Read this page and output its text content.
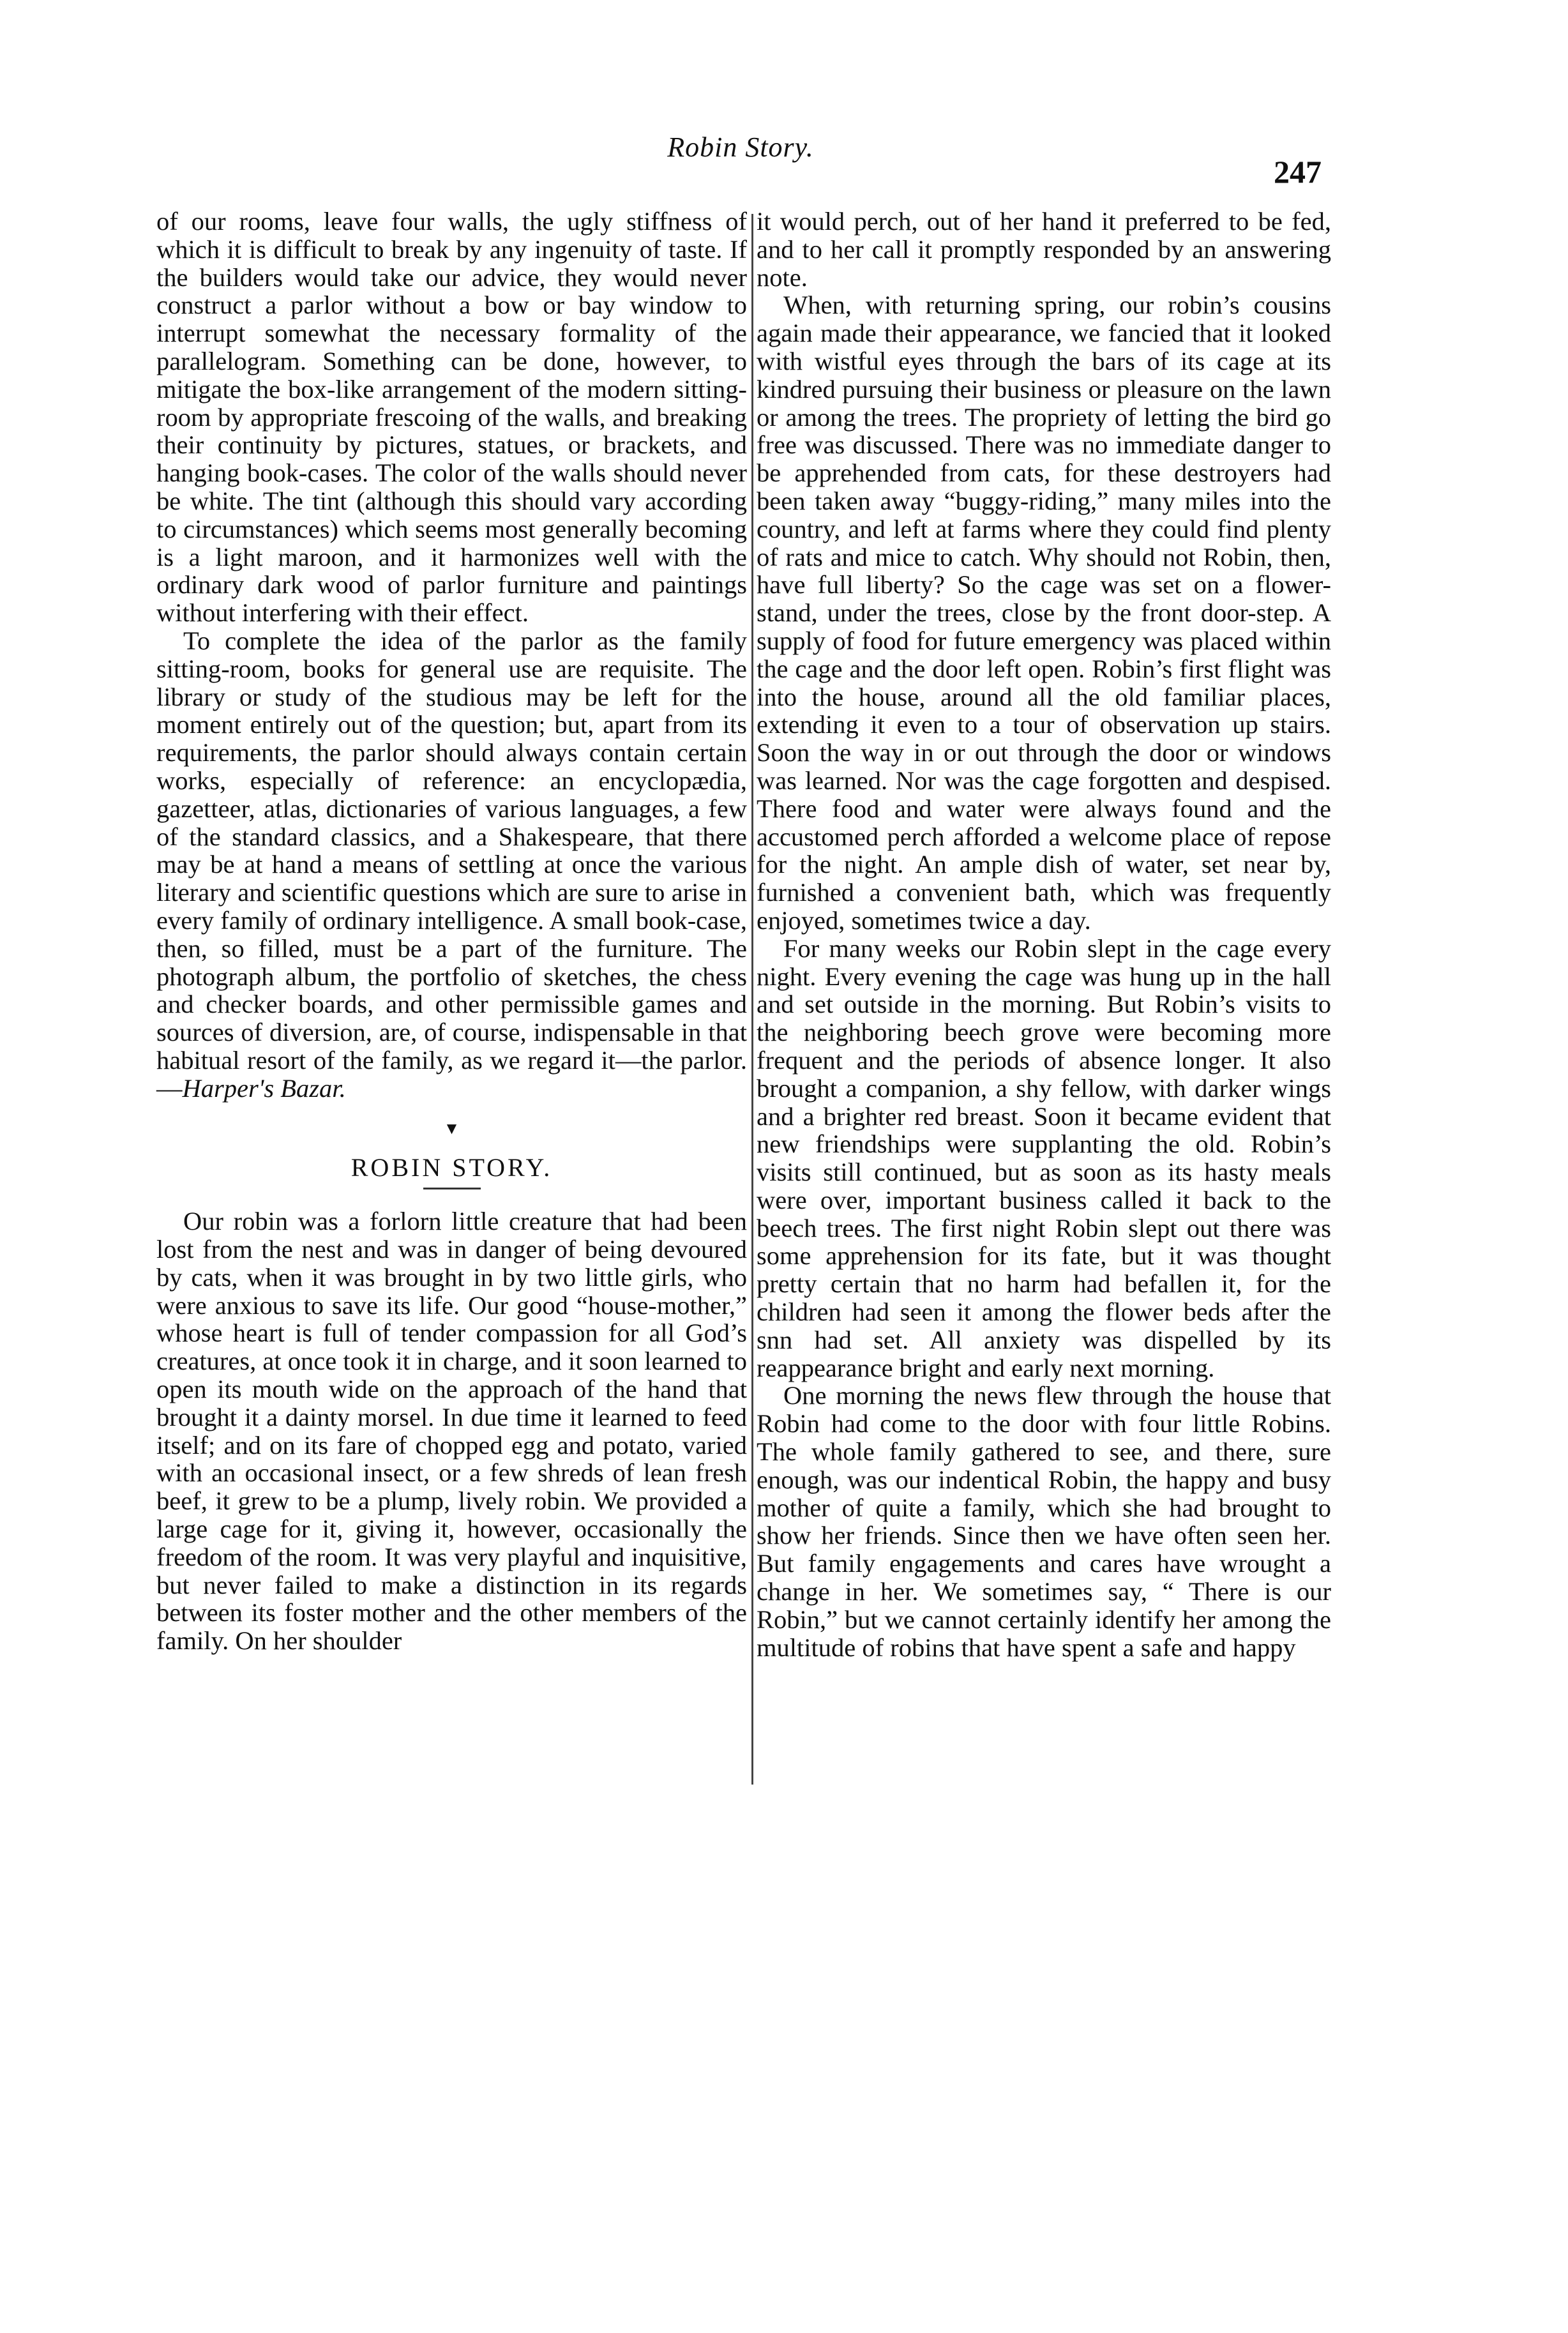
Robin Story.
247

of our rooms, leave four walls, the ugly stiffness of which it is difficult to break by any ingenuity of taste. If the builders would take our advice, they would never construct a parlor without a bow or bay window to interrupt somewhat the necessary formality of the parallelogram. Something can be done, however, to mitigate the box-like arrangement of the modern sitting-room by appropriate frescoing of the walls, and breaking their continuity by pictures, statues, or brackets, and hanging book-cases. The color of the walls should never be white. The tint (although this should vary according to circumstances) which seems most generally becoming is a light maroon, and it harmonizes well with the ordinary dark wood of parlor furniture and paintings without interfering with their effect.

To complete the idea of the parlor as the family sitting-room, books for general use are requisite. The library or study of the studious may be left for the moment entirely out of the question; but, apart from its requirements, the parlor should always contain certain works, especially of reference: an encyclopædia, gazetteer, atlas, dictionaries of various languages, a few of the standard classics, and a Shakespeare, that there may be at hand a means of settling at once the various literary and scientific questions which are sure to arise in every family of ordinary intelligence. A small book-case, then, so filled, must be a part of the furniture. The photograph album, the portfolio of sketches, the chess and checker boards, and other permissible games and sources of diversion, are, of course, indispensable in that habitual resort of the family, as we regard it—the parlor.—Harper's Bazar.

▼
ROBIN STORY.

Our robin was a forlorn little creature that had been lost from the nest and was in danger of being devoured by cats, when it was brought in by two little girls, who were anxious to save its life. Our good “house-mother,” whose heart is full of tender compassion for all God’s creatures, at once took it in charge, and it soon learned to open its mouth wide on the approach of the hand that brought it a dainty morsel. In due time it learned to feed itself; and on its fare of chopped egg and potato, varied with an occasional insect, or a few shreds of lean fresh beef, it grew to be a plump, lively robin. We provided a large cage for it, giving it, however, occasionally the freedom of the room. It was very playful and inquisitive, but never failed to make a distinction in its regards between its foster mother and the other members of the family. On her shoulder

it would perch, out of her hand it preferred to be fed, and to her call it promptly responded by an answering note.

When, with returning spring, our robin’s cousins again made their appearance, we fancied that it looked with wistful eyes through the bars of its cage at its kindred pursuing their business or pleasure on the lawn or among the trees. The propriety of letting the bird go free was discussed. There was no immediate danger to be apprehended from cats, for these destroyers had been taken away “buggy-riding,” many miles into the country, and left at farms where they could find plenty of rats and mice to catch. Why should not Robin, then, have full liberty? So the cage was set on a flower-stand, under the trees, close by the front door-step. A supply of food for future emergency was placed within the cage and the door left open. Robin’s first flight was into the house, around all the old familiar places, extending it even to a tour of observation up stairs. Soon the way in or out through the door or windows was learned. Nor was the cage forgotten and despised. There food and water were always found and the accustomed perch afforded a welcome place of repose for the night. An ample dish of water, set near by, furnished a convenient bath, which was frequently enjoyed, sometimes twice a day.

For many weeks our Robin slept in the cage every night. Every evening the cage was hung up in the hall and set outside in the morning. But Robin’s visits to the neighboring beech grove were becoming more frequent and the periods of absence longer. It also brought a companion, a shy fellow, with darker wings and a brighter red breast. Soon it became evident that new friendships were supplanting the old. Robin’s visits still continued, but as soon as its hasty meals were over, important business called it back to the beech trees. The first night Robin slept out there was some apprehension for its fate, but it was thought pretty certain that no harm had befallen it, for the children had seen it among the flower beds after the snn had set. All anxiety was dispelled by its reappearance bright and early next morning.

One morning the news flew through the house that Robin had come to the door with four little Robins. The whole family gathered to see, and there, sure enough, was our indentical Robin, the happy and busy mother of quite a family, which she had brought to show her friends. Since then we have often seen her. But family engagements and cares have wrought a change in her. We sometimes say, “ There is our Robin,” but we cannot certainly identify her among the multitude of robins that have spent a safe and happy
